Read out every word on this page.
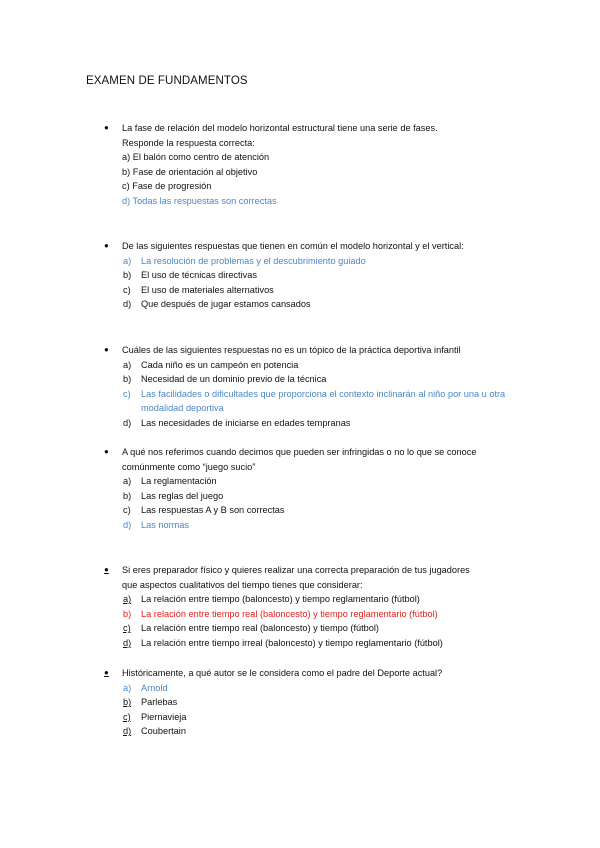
EXAMEN DE FUNDAMENTOS
●	La fase de relación del modelo horizontal estructural tiene una serie de fases.
Responde la respuesta correcta:
a) El balón como centro de atención
b) Fase de orientación al objetivo
c) Fase de progresión
d) Todas las respuestas son correctas
●	De las siguientes respuestas que tienen en común el modelo horizontal y el vertical:
a) La resolución de problemas y el descubrimiento guiado
b) El uso de técnicas directivas
c) El uso de materiales alternativos
d) Que después de jugar estamos cansados
●	Cuáles de las siguientes respuestas no es un tópico de la práctica deportiva infantil
a) Cada niño es un campeón en potencia
b) Necesidad de un dominio previo de la técnica
c) Las facilidades o dificultades que proporciona el contexto inclinarán al niño por una u otra modalidad deportiva
d) Las necesidades de iniciarse en edades tempranas
●	A qué nos referimos cuando decimos que pueden ser infringidas o no lo que se conoce
comúnmente como “juego sucio”
a) La reglamentación
b) Las reglas del juego
c) Las respuestas A y B son correctas
d) Las normas
●	Si eres preparador físico y quieres realizar una correcta preparación de tus jugadores
que aspectos cualitativos del tiempo tienes que considerar:
a)	La relación entre tiempo (baloncesto) y tiempo reglamentario (fútbol)
b) La relación entre tiempo real (baloncesto) y tiempo reglamentario (fútbol)
c)	La relación entre tiempo real (baloncesto) y tiempo (fútbol)
d)	La relación entre tiempo irreal (baloncesto) y tiempo reglamentario (fútbol)
●	Históricamente, a qué autor se le considera como el padre del Deporte actual?
a) Arnold
b)	Parlebas
c)	Piernavieja
d)	Coubertain
